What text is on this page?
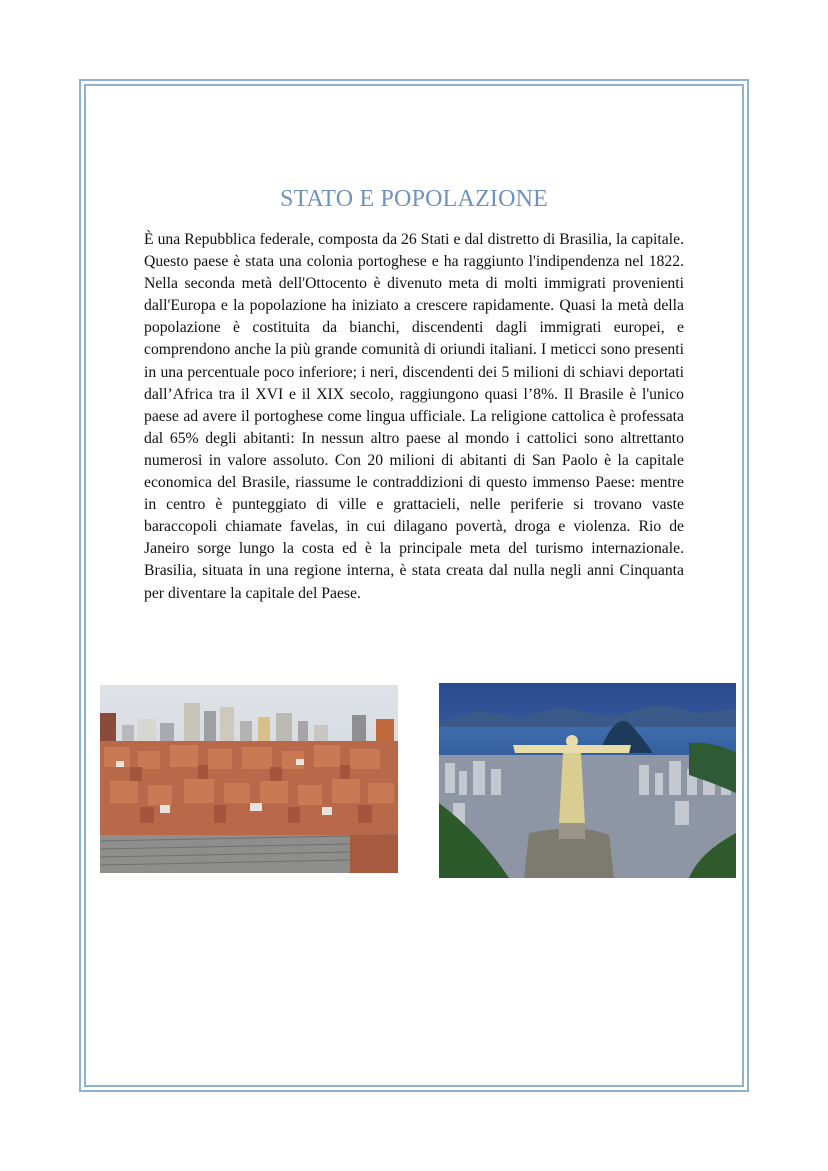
STATO E POPOLAZIONE

È una Repubblica federale, composta da 26 Stati e dal distretto di Brasilia, la capitale. Questo paese è stata una colonia portoghese e ha raggiunto l'indipendenza nel 1822. Nella seconda metà dell'Ottocento è divenuto meta di molti immigrati provenienti dall'Europa e la popolazione ha iniziato a crescere rapidamente. Quasi la metà della popolazione è costituita da bianchi, discendenti dagli immigrati europei, e comprendono anche la più grande comunità di oriundi italiani. I meticci sono presenti in una percentuale poco inferiore; i neri, discendenti dei 5 milioni di schiavi deportati dall’Africa tra il XVI e il XIX secolo, raggiungono quasi l’8%. Il Brasile è l'unico paese ad avere il portoghese come lingua ufficiale. La religione cattolica è professata dal 65% degli abitanti: In nessun altro paese al mondo i cattolici sono altrettanto numerosi in valore assoluto. Con 20 milioni di abitanti di San Paolo è la capitale economica del Brasile, riassume le contraddizioni di questo immenso Paese: mentre in centro è punteggiato di ville e grattacieli, nelle periferie si trovano vaste baraccopoli chiamate favelas, in cui dilagano povertà, droga e violenza. Rio de Janeiro sorge lungo la costa ed è la principale meta del turismo internazionale. Brasilia, situata in una regione interna, è stata creata dal nulla negli anni Cinquanta per diventare la capitale del Paese.
